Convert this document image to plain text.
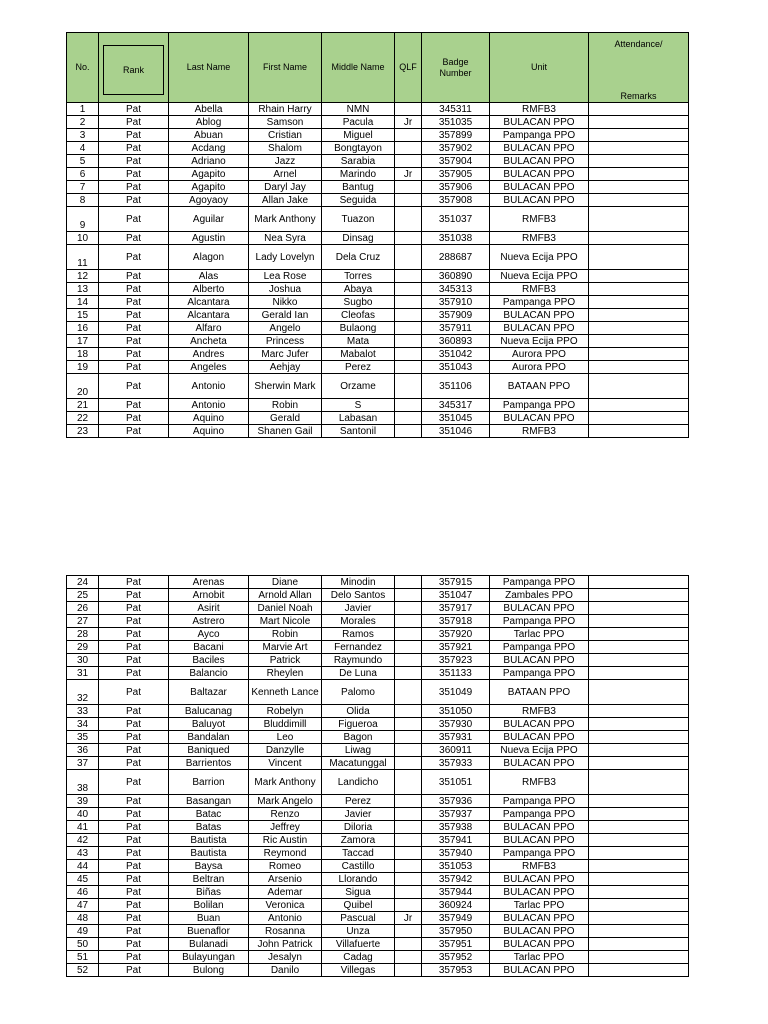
No.	Rank	Last Name	First Name	Middle Name	QLF	Badge Number	Unit	Attendance/
Remarks

1	Pat	Abella	Rhain Harry	NMN		345311	RMFB3	
2	Pat	Ablog	Samson	Pacula	Jr	351035	BULACAN PPO	
3	Pat	Abuan	Cristian	Miguel		357899	Pampanga PPO	
4	Pat	Acdang	Shalom	Bongtayon		357902	BULACAN PPO	
5	Pat	Adriano	Jazz	Sarabia		357904	BULACAN PPO	
6	Pat	Agapito	Arnel	Marindo	Jr	357905	BULACAN PPO	
7	Pat	Agapito	Daryl Jay	Bantug		357906	BULACAN PPO	
8	Pat	Agoyaoy	Allan Jake	Seguida		357908	BULACAN PPO	
9	Pat	Aguilar	Mark Anthony	Tuazon		351037	RMFB3	
10	Pat	Agustin	Nea Syra	Dinsag		351038	RMFB3	
11	Pat	Alagon	Lady Lovelyn	Dela Cruz		288687	Nueva Ecija PPO	
12	Pat	Alas	Lea Rose	Torres		360890	Nueva Ecija PPO	
13	Pat	Alberto	Joshua	Abaya		345313	RMFB3	
14	Pat	Alcantara	Nikko	Sugbo		357910	Pampanga PPO	
15	Pat	Alcantara	Gerald Ian	Cleofas		357909	BULACAN PPO	
16	Pat	Alfaro	Angelo	Bulaong		357911	BULACAN PPO	
17	Pat	Ancheta	Princess	Mata		360893	Nueva Ecija PPO	
18	Pat	Andres	Marc Jufer	Mabalot		351042	Aurora PPO	
19	Pat	Angeles	Aehjay	Perez		351043	Aurora PPO	
20	Pat	Antonio	Sherwin Mark	Orzame		351106	BATAAN PPO	
21	Pat	Antonio	Robin	S		345317	Pampanga PPO	
22	Pat	Aquino	Gerald	Labasan		351045	BULACAN PPO	
23	Pat	Aquino	Shanen Gail	Santonil		351046	RMFB3	
24	Pat	Arenas	Diane	Minodin		357915	Pampanga PPO	
25	Pat	Arnobit	Arnold Allan	Delo Santos		351047	Zambales PPO	
26	Pat	Asirit	Daniel Noah	Javier		357917	BULACAN PPO	
27	Pat	Astrero	Mart Nicole	Morales		357918	Pampanga PPO	
28	Pat	Ayco	Robin	Ramos		357920	Tarlac PPO	
29	Pat	Bacani	Marvie Art	Fernandez		357921	Pampanga PPO	
30	Pat	Baciles	Patrick	Raymundo		357923	BULACAN PPO	
31	Pat	Balancio	Rheylen	De Luna		351133	Pampanga PPO	
32	Pat	Baltazar	Kenneth Lance	Palomo		351049	BATAAN PPO	
33	Pat	Balucanag	Robelyn	Olida		351050	RMFB3	
34	Pat	Baluyot	Bluddimill	Figueroa		357930	BULACAN PPO	
35	Pat	Bandalan	Leo	Bagon		357931	BULACAN PPO	
36	Pat	Baniqued	Danzylle	Liwag		360911	Nueva Ecija PPO	
37	Pat	Barrientos	Vincent	Macatunggal		357933	BULACAN PPO	
38	Pat	Barrion	Mark Anthony	Landicho		351051	RMFB3	
39	Pat	Basangan	Mark Angelo	Perez		357936	Pampanga PPO	
40	Pat	Batac	Renzo	Javier		357937	Pampanga PPO	
41	Pat	Batas	Jeffrey	Diloria		357938	BULACAN PPO	
42	Pat	Bautista	Ric Austin	Zamora		357941	BULACAN PPO	
43	Pat	Bautista	Reymond	Taccad		357940	Pampanga PPO	
44	Pat	Baysa	Romeo	Castillo		351053	RMFB3	
45	Pat	Beltran	Arsenio	Llorando		357942	BULACAN PPO	
46	Pat	Biñas	Ademar	Sigua		357944	BULACAN PPO	
47	Pat	Bolilan	Veronica	Quibel		360924	Tarlac PPO	
48	Pat	Buan	Antonio	Pascual	Jr	357949	BULACAN PPO	
49	Pat	Buenaflor	Rosanna	Unza		357950	BULACAN PPO	
50	Pat	Bulanadi	John Patrick	Villafuerte		357951	BULACAN PPO	
51	Pat	Bulayungan	Jesalyn	Cadag		357952	Tarlac PPO	
52	Pat	Bulong	Danilo	Villegas		357953	BULACAN PPO	
